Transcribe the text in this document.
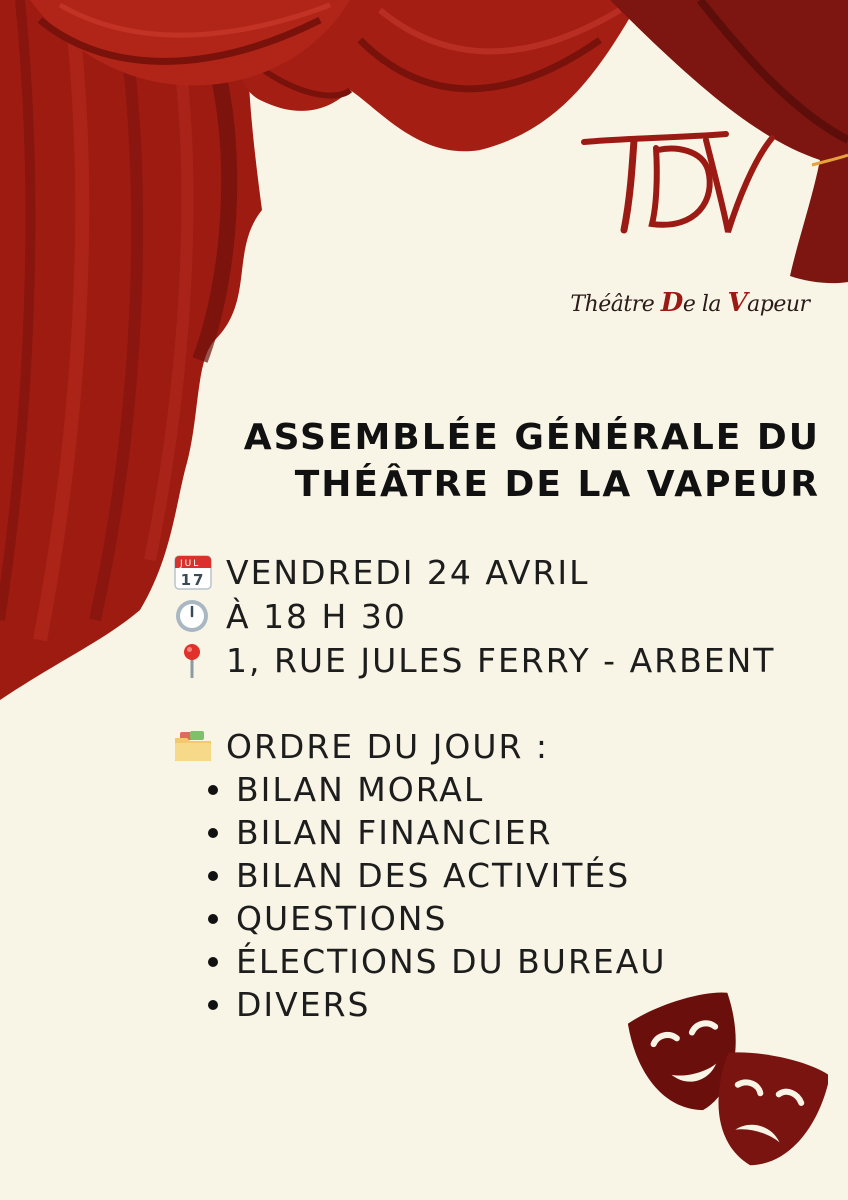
Théâtre De la Vapeur
ASSEMBLÉE GÉNÉRALE DU
THÉÂTRE DE LA VAPEUR
JUL
17 VENDREDI 24 AVRIL
À 18 H 30
1, RUE JULES FERRY - ARBENT
ORDRE DU JOUR :
BILAN MORAL
BILAN FINANCIER
BILAN DES ACTIVITÉS
QUESTIONS
ÉLECTIONS DU BUREAU
DIVERS
